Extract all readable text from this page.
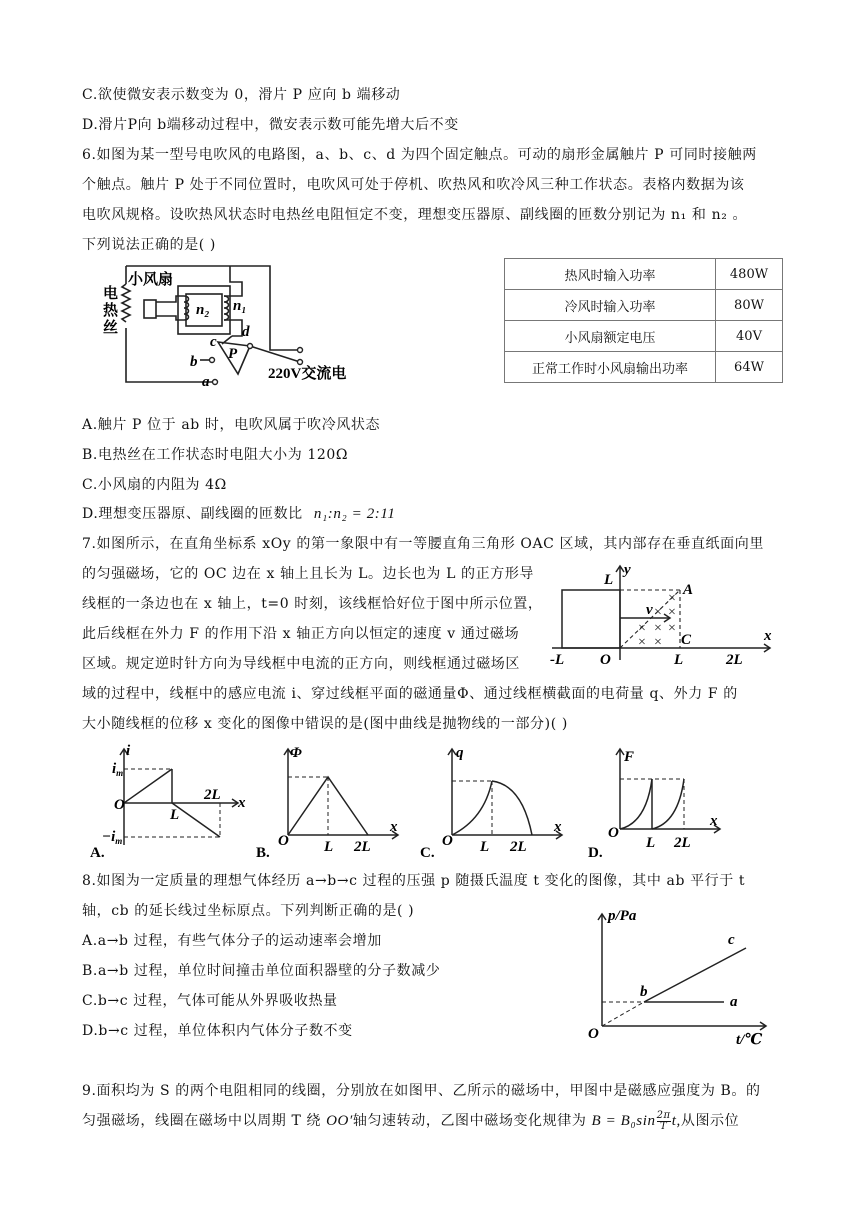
C.欲使微安表示数变为 0，滑片 P 应向 b 端移动
D.滑片P向 b端移动过程中，微安表示数可能先增大后不变
6.如图为某一型号电吹风的电路图，a、b、c、d 为四个固定触点。可动的扇形金属触片 P 可同时接触两
个触点。触片 P 处于不同位置时，电吹风可处于停机、吹热风和吹冷风三种工作状态。表格内数据为该
电吹风规格。设吹热风状态时电热丝电阻恒定不变，理想变压器原、副线圈的匝数分别记为 n₁ 和 n₂ 。
下列说法正确的是( )
电
热
丝
小风扇
n₂ n₁
c
d
b
a
P
220V交流电
热风时输入功率	480W
冷风时输入功率	80W
小风扇额定电压	40V
正常工作时小风扇输出功率	64W
A.触片 P 位于 ab 时，电吹风属于吹冷风状态
B.电热丝在工作状态时电阻大小为 120Ω
C.小风扇的内阻为 4Ω
D.理想变压器原、副线圈的匝数比 n₁:n₂ = 2:11
7.如图所示，在直角坐标系 xOy 的第一象限中有一等腰直角三角形 OAC 区域，其内部存在垂直纸面向里
的匀强磁场，它的 OC 边在 x 轴上且长为 L。边长也为 L 的正方形导
线框的一条边也在 x 轴上，t=0 时刻，该线框恰好位于图中所示位置，
此后线框在外力 F 的作用下沿 x 轴正方向以恒定的速度 v 通过磁场
区域。规定逆时针方向为导线框中电流的正方向，则线框通过磁场区
域的过程中，线框中的感应电流 i、穿过线框平面的磁通量Φ、通过线框横截面的电荷量 q、外力 F 的
大小随线框的位移 x 变化的图像中错误的是(图中曲线是抛物线的一部分)( )
× × ×
× ×
×
× ×
L
y
A
v
C
-L O	L	2L
x
i
$i_m$
$-i_m$
O
L
2L x
A.
Φ
O L 2L
x
B.
q
O L 2L
x
C.
F
O
L 2L
x
D.
8.如图为一定质量的理想气体经历 a→b→c 过程的压强 p 随摄氏温度 t 变化的图像，其中 ab 平行于 t
轴，cb 的延长线过坐标原点。下列判断正确的是( )
A.a→b 过程，有些气体分子的运动速率会增加
B.a→b 过程，单位时间撞击单位面积器壁的分子数减少
C.b→c 过程，气体可能从外界吸收热量
D.b→c 过程，单位体积内气体分子数不变
p/Pa
c
b
a
O	t/℃
9.面积均为 S 的两个电阻相同的线圈，分别放在如图甲、乙所示的磁场中，甲图中是磁感应强度为 B。的
匀强磁场，线圈在磁场中以周期 T 绕 OO′轴匀速转动，乙图中磁场变化规律为 $B = B_0\sin \frac{2\pi}{T} t$,从图示位
